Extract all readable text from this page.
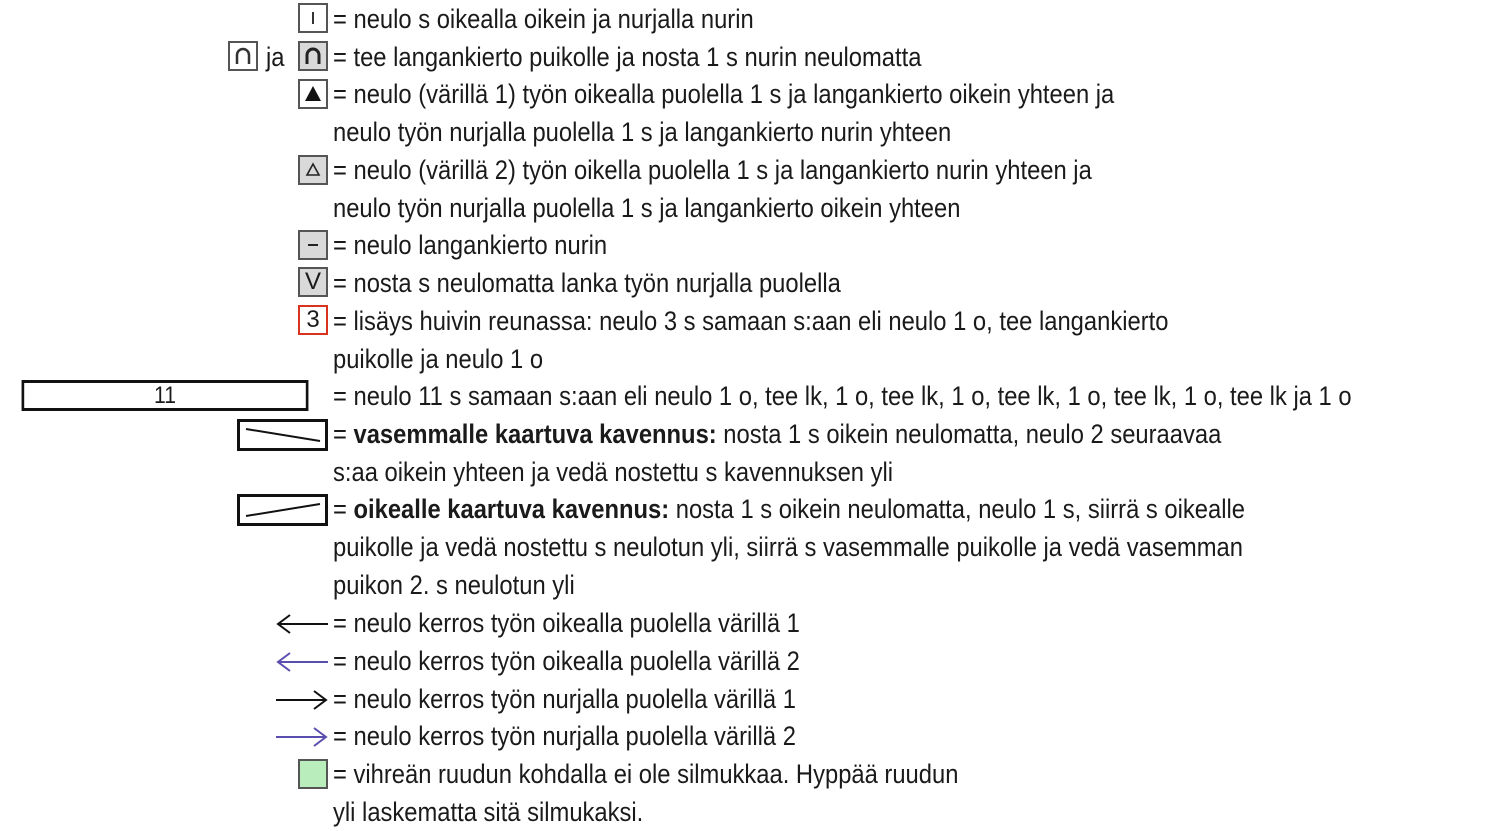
= neulo s oikealla oikein ja nurjalla nurin
ja = tee langankierto puikolle ja nosta 1 s nurin neulomatta
= neulo (värillä 1) työn oikealla puolella 1 s ja langankierto oikein yhteen ja
neulo työn nurjalla puolella 1 s ja langankierto nurin yhteen
= neulo (värillä 2) työn oikella puolella 1 s ja langankierto nurin yhteen ja
neulo työn nurjalla puolella 1 s ja langankierto oikein yhteen
= neulo langankierto nurin
V = nosta s neulomatta lanka työn nurjalla puolella
3 = lisäys huivin reunassa: neulo 3 s samaan s:aan eli neulo 1 o, tee langankierto
puikolle ja neulo 1 o
11	= neulo 11 s samaan s:aan eli neulo 1 o, tee lk, 1 o, tee lk, 1 o, tee lk, 1 o, tee lk, 1 o, tee lk ja 1 o
= vasemmalle kaartuva kavennus: nosta 1 s oikein neulomatta, neulo 2 seuraavaa
s:aa oikein yhteen ja vedä nostettu s kavennuksen yli
= oikealle kaartuva kavennus: nosta 1 s oikein neulomatta, neulo 1 s, siirrä s oikealle
puikolle ja vedä nostettu s neulotun yli, siirrä s vasemmalle puikolle ja vedä vasemman
puikon 2. s neulotun yli
= neulo kerros työn oikealla puolella värillä 1
= neulo kerros työn oikealla puolella värillä 2
= neulo kerros työn nurjalla puolella värillä 1
= neulo kerros työn nurjalla puolella värillä 2
= vihreän ruudun kohdalla ei ole silmukkaa. Hyppää ruudun
yli laskematta sitä silmukaksi.
